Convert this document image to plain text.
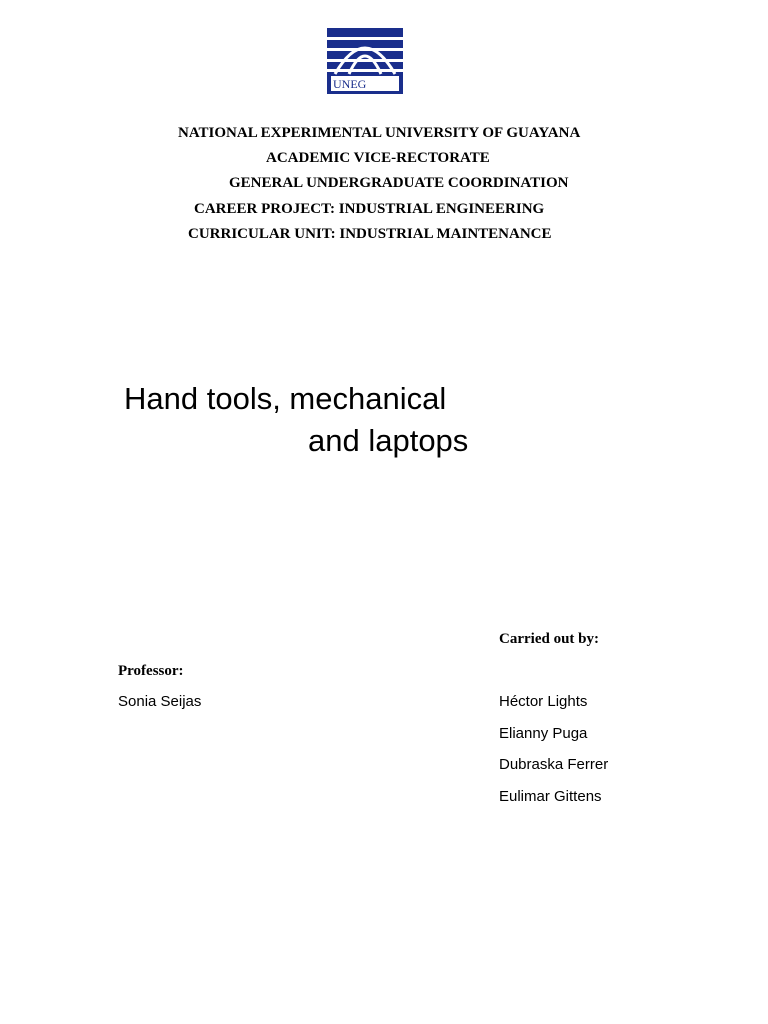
UNEG
NATIONAL EXPERIMENTAL UNIVERSITY OF GUAYANA
ACADEMIC VICE-RECTORATE
GENERAL UNDERGRADUATE COORDINATION
CAREER PROJECT: INDUSTRIAL ENGINEERING
CURRICULAR UNIT: INDUSTRIAL MAINTENANCE
Hand tools, mechanical
and laptops
Carried out by:
Professor:
Sonia Seijas	Héctor Lights
Elianny Puga
Dubraska Ferrer
Eulimar Gittens
